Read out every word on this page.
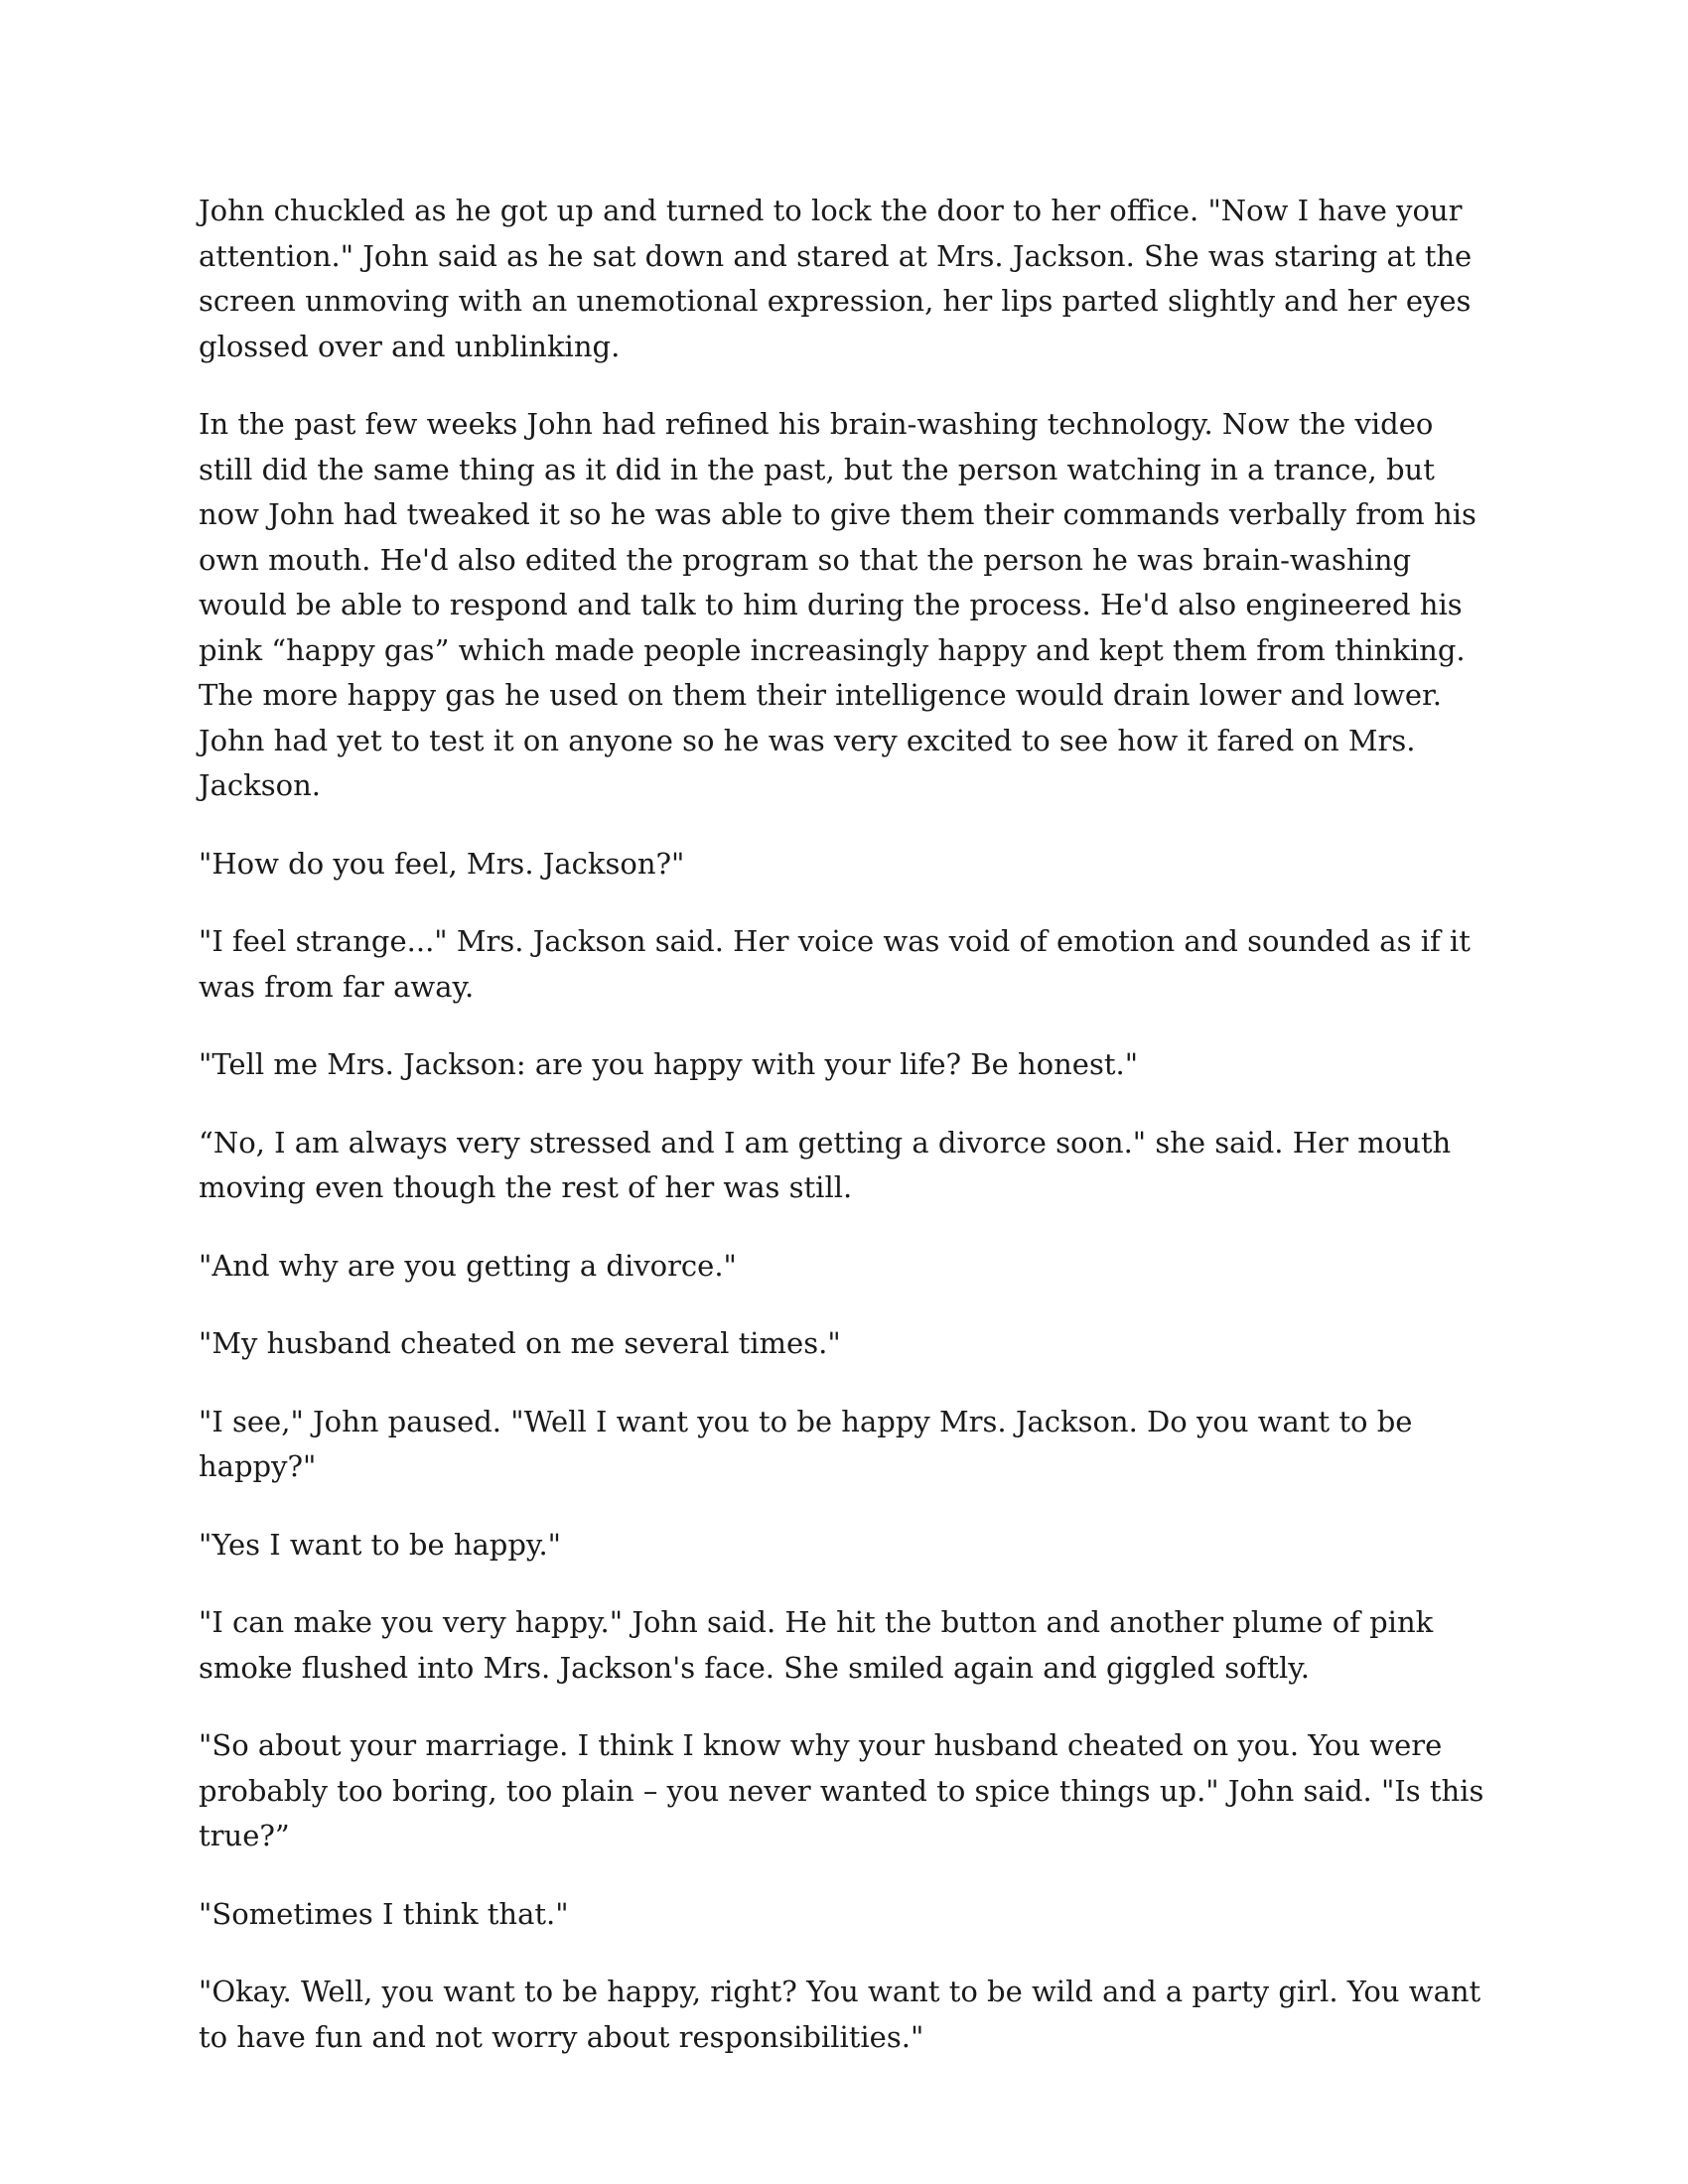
John chuckled as he got up and turned to lock the door to her office. "Now I have your attention." John said as he sat down and stared at Mrs. Jackson. She was staring at the screen unmoving with an unemotional expression, her lips parted slightly and her eyes glossed over and unblinking.

In the past few weeks John had refined his brain-washing technology. Now the video still did the same thing as it did in the past, but the person watching in a trance, but now John had tweaked it so he was able to give them their commands verbally from his own mouth. He'd also edited the program so that the person he was brain-washing would be able to respond and talk to him during the process. He'd also engineered his pink “happy gas” which made people increasingly happy and kept them from thinking. The more happy gas he used on them their intelligence would drain lower and lower. John had yet to test it on anyone so he was very excited to see how it fared on Mrs. Jackson.

"How do you feel, Mrs. Jackson?"

"I feel strange..." Mrs. Jackson said. Her voice was void of emotion and sounded as if it was from far away.

"Tell me Mrs. Jackson: are you happy with your life? Be honest."

“No, I am always very stressed and I am getting a divorce soon." she said. Her mouth moving even though the rest of her was still.

"And why are you getting a divorce."

"My husband cheated on me several times."

"I see," John paused. "Well I want you to be happy Mrs. Jackson. Do you want to be happy?"

"Yes I want to be happy."

"I can make you very happy." John said. He hit the button and another plume of pink smoke flushed into Mrs. Jackson's face. She smiled again and giggled softly.

"So about your marriage. I think I know why your husband cheated on you. You were probably too boring, too plain – you never wanted to spice things up." John said. "Is this true?”

"Sometimes I think that."

"Okay. Well, you want to be happy, right? You want to be wild and a party girl. You want to have fun and not worry about responsibilities."
